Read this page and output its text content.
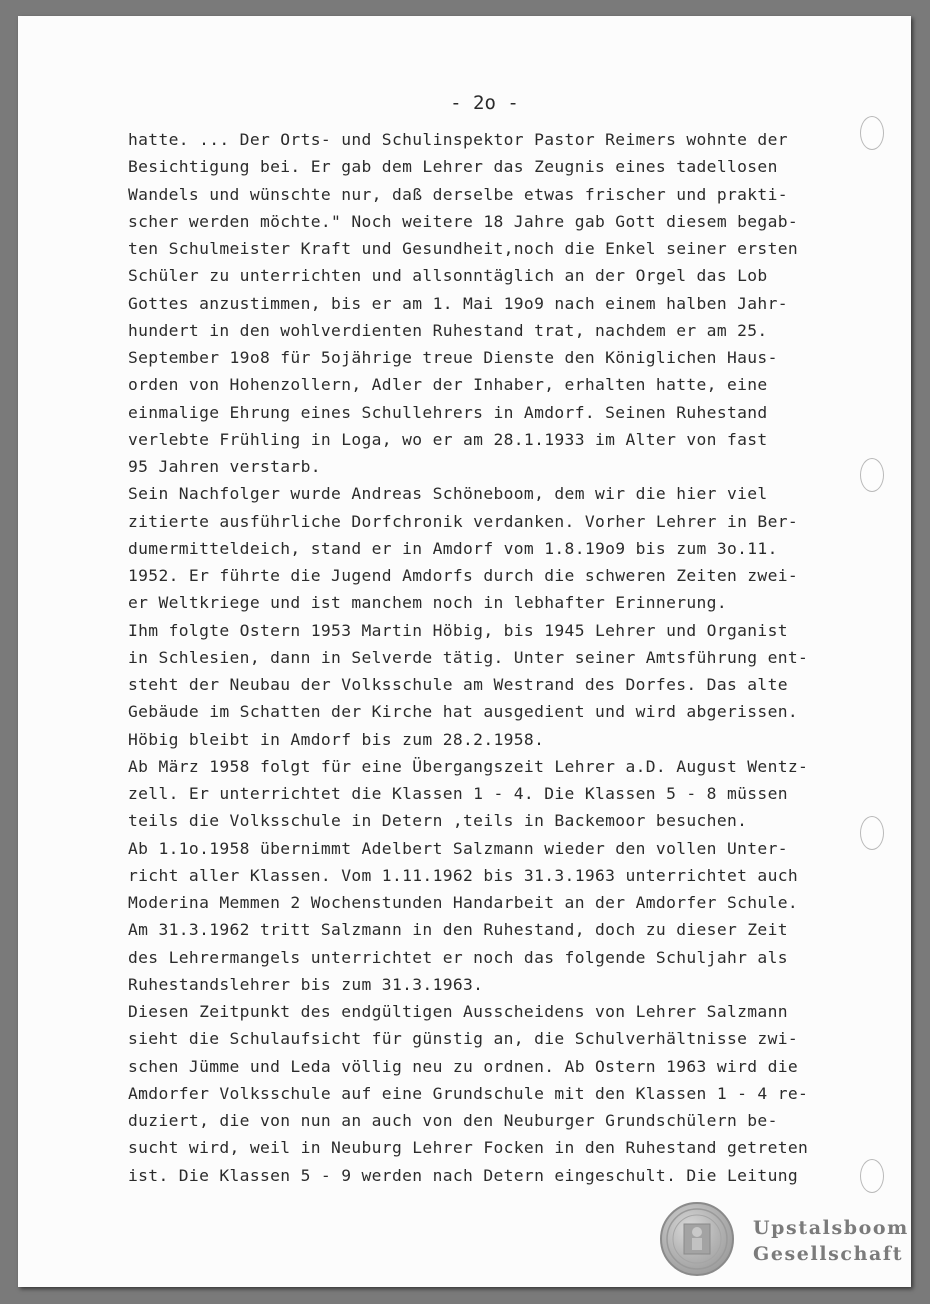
- 2o -
hatte. ... Der Orts- und Schulinspektor Pastor Reimers wohnte der
Besichtigung bei. Er gab dem Lehrer das Zeugnis eines tadellosen
Wandels und wünschte nur, daß derselbe etwas frischer und prakti-
scher werden möchte." Noch weitere 18 Jahre gab Gott diesem begab-
ten Schulmeister Kraft und Gesundheit,noch die Enkel seiner ersten
Schüler zu unterrichten und allsonntäglich an der Orgel das Lob
Gottes anzustimmen, bis er am 1. Mai 19o9 nach einem halben Jahr-
hundert in den wohlverdienten Ruhestand trat, nachdem er am 25.
September 19o8 für 5ojährige treue Dienste den Königlichen Haus-
orden von Hohenzollern, Adler der Inhaber, erhalten hatte, eine
einmalige Ehrung eines Schullehrers in Amdorf. Seinen Ruhestand
verlebte Frühling in Loga, wo er am 28.1.1933 im Alter von fast
95 Jahren verstarb.
Sein Nachfolger wurde Andreas Schöneboom, dem wir die hier viel
zitierte ausführliche Dorfchronik verdanken. Vorher Lehrer in Ber-
dumermitteldeich, stand er in Amdorf vom 1.8.19o9 bis zum 3o.11.
1952. Er führte die Jugend Amdorfs durch die schweren Zeiten zwei-
er Weltkriege und ist manchem noch in lebhafter Erinnerung.
Ihm folgte Ostern 1953 Martin Höbig, bis 1945 Lehrer und Organist
in Schlesien, dann in Selverde tätig. Unter seiner Amtsführung ent-
steht der Neubau der Volksschule am Westrand des Dorfes. Das alte
Gebäude im Schatten der Kirche hat ausgedient und wird abgerissen.
Höbig bleibt in Amdorf bis zum 28.2.1958.
Ab März 1958 folgt für eine Übergangszeit Lehrer a.D. August Wentz-
zell. Er unterrichtet die Klassen 1 - 4. Die Klassen 5 - 8 müssen
teils die Volksschule in Detern ,teils in Backemoor besuchen.
Ab 1.1o.1958 übernimmt Adelbert Salzmann wieder den vollen Unter-
richt aller Klassen. Vom 1.11.1962 bis 31.3.1963 unterrichtet auch
Moderina Memmen 2 Wochenstunden Handarbeit an der Amdorfer Schule.
Am 31.3.1962 tritt Salzmann in den Ruhestand, doch zu dieser Zeit
des Lehrermangels unterrichtet er noch das folgende Schuljahr als
Ruhestandslehrer bis zum 31.3.1963.
Diesen Zeitpunkt des endgültigen Ausscheidens von Lehrer Salzmann
sieht die Schulaufsicht für günstig an, die Schulverhältnisse zwi-
schen Jümme und Leda völlig neu zu ordnen. Ab Ostern 1963 wird die
Amdorfer Volksschule auf eine Grundschule mit den Klassen 1 - 4 re-
duziert, die von nun an auch von den Neuburger Grundschülern be-
sucht wird, weil in Neuburg Lehrer Focken in den Ruhestand getreten
ist. Die Klassen 5 - 9 werden nach Detern eingeschult. Die Leitung
Upstalsboom
Gesellschaft
